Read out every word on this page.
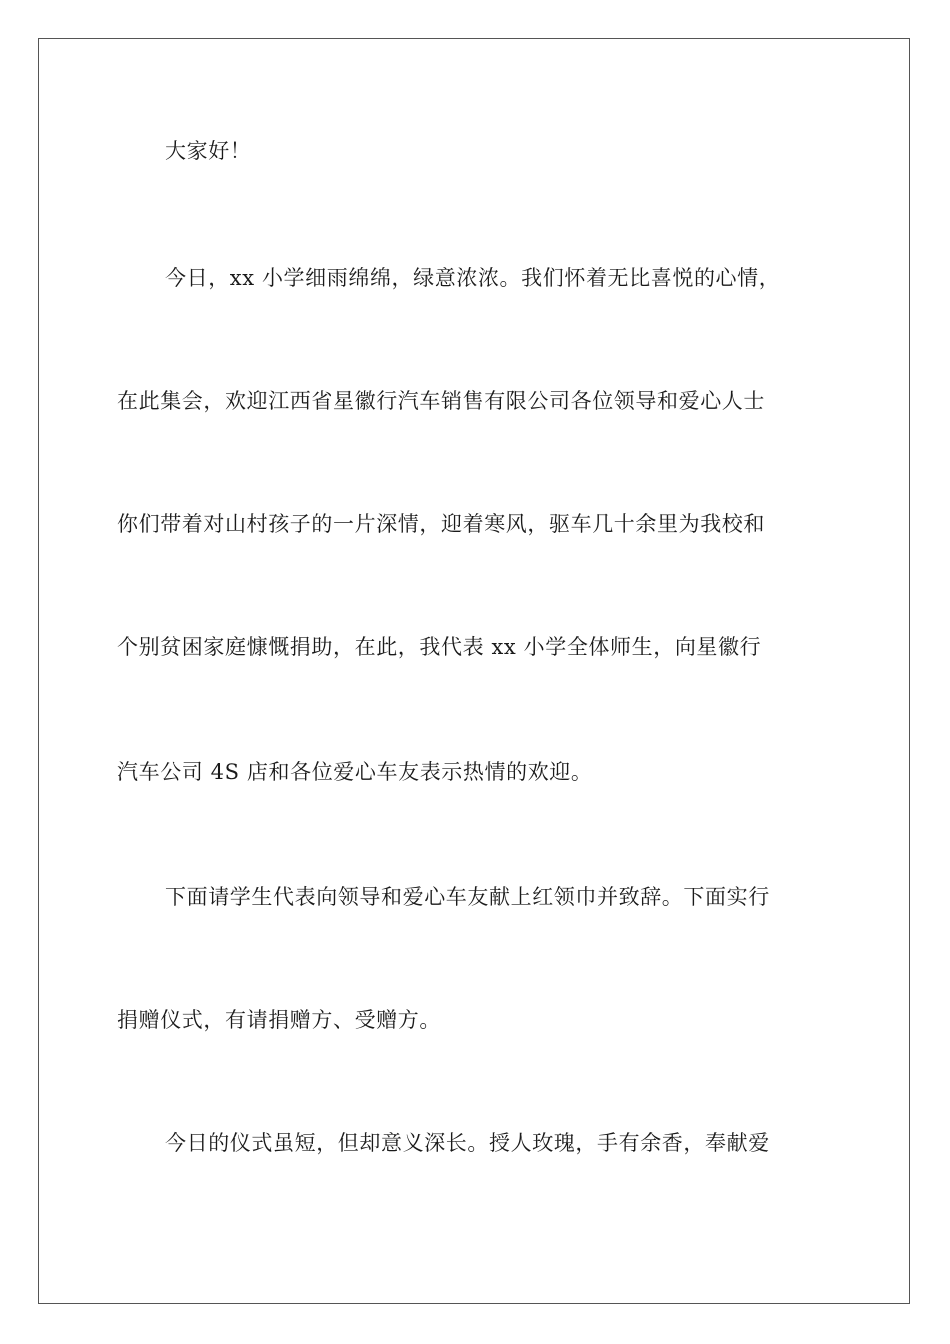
大家好！

今日，xx 小学细雨绵绵，绿意浓浓。我们怀着无比喜悦的心情，

在此集会，欢迎江西省星徽行汽车销售有限公司各位领导和爱心人士

你们带着对山村孩子的一片深情，迎着寒风，驱车几十余里为我校和

个别贫困家庭慷慨捐助，在此，我代表 xx 小学全体师生，向星徽行

汽车公司 4S 店和各位爱心车友表示热情的欢迎。

下面请学生代表向领导和爱心车友献上红领巾并致辞。下面实行

捐赠仪式，有请捐赠方、受赠方。

今日的仪式虽短，但却意义深长。授人玫瑰，手有余香，奉献爱
